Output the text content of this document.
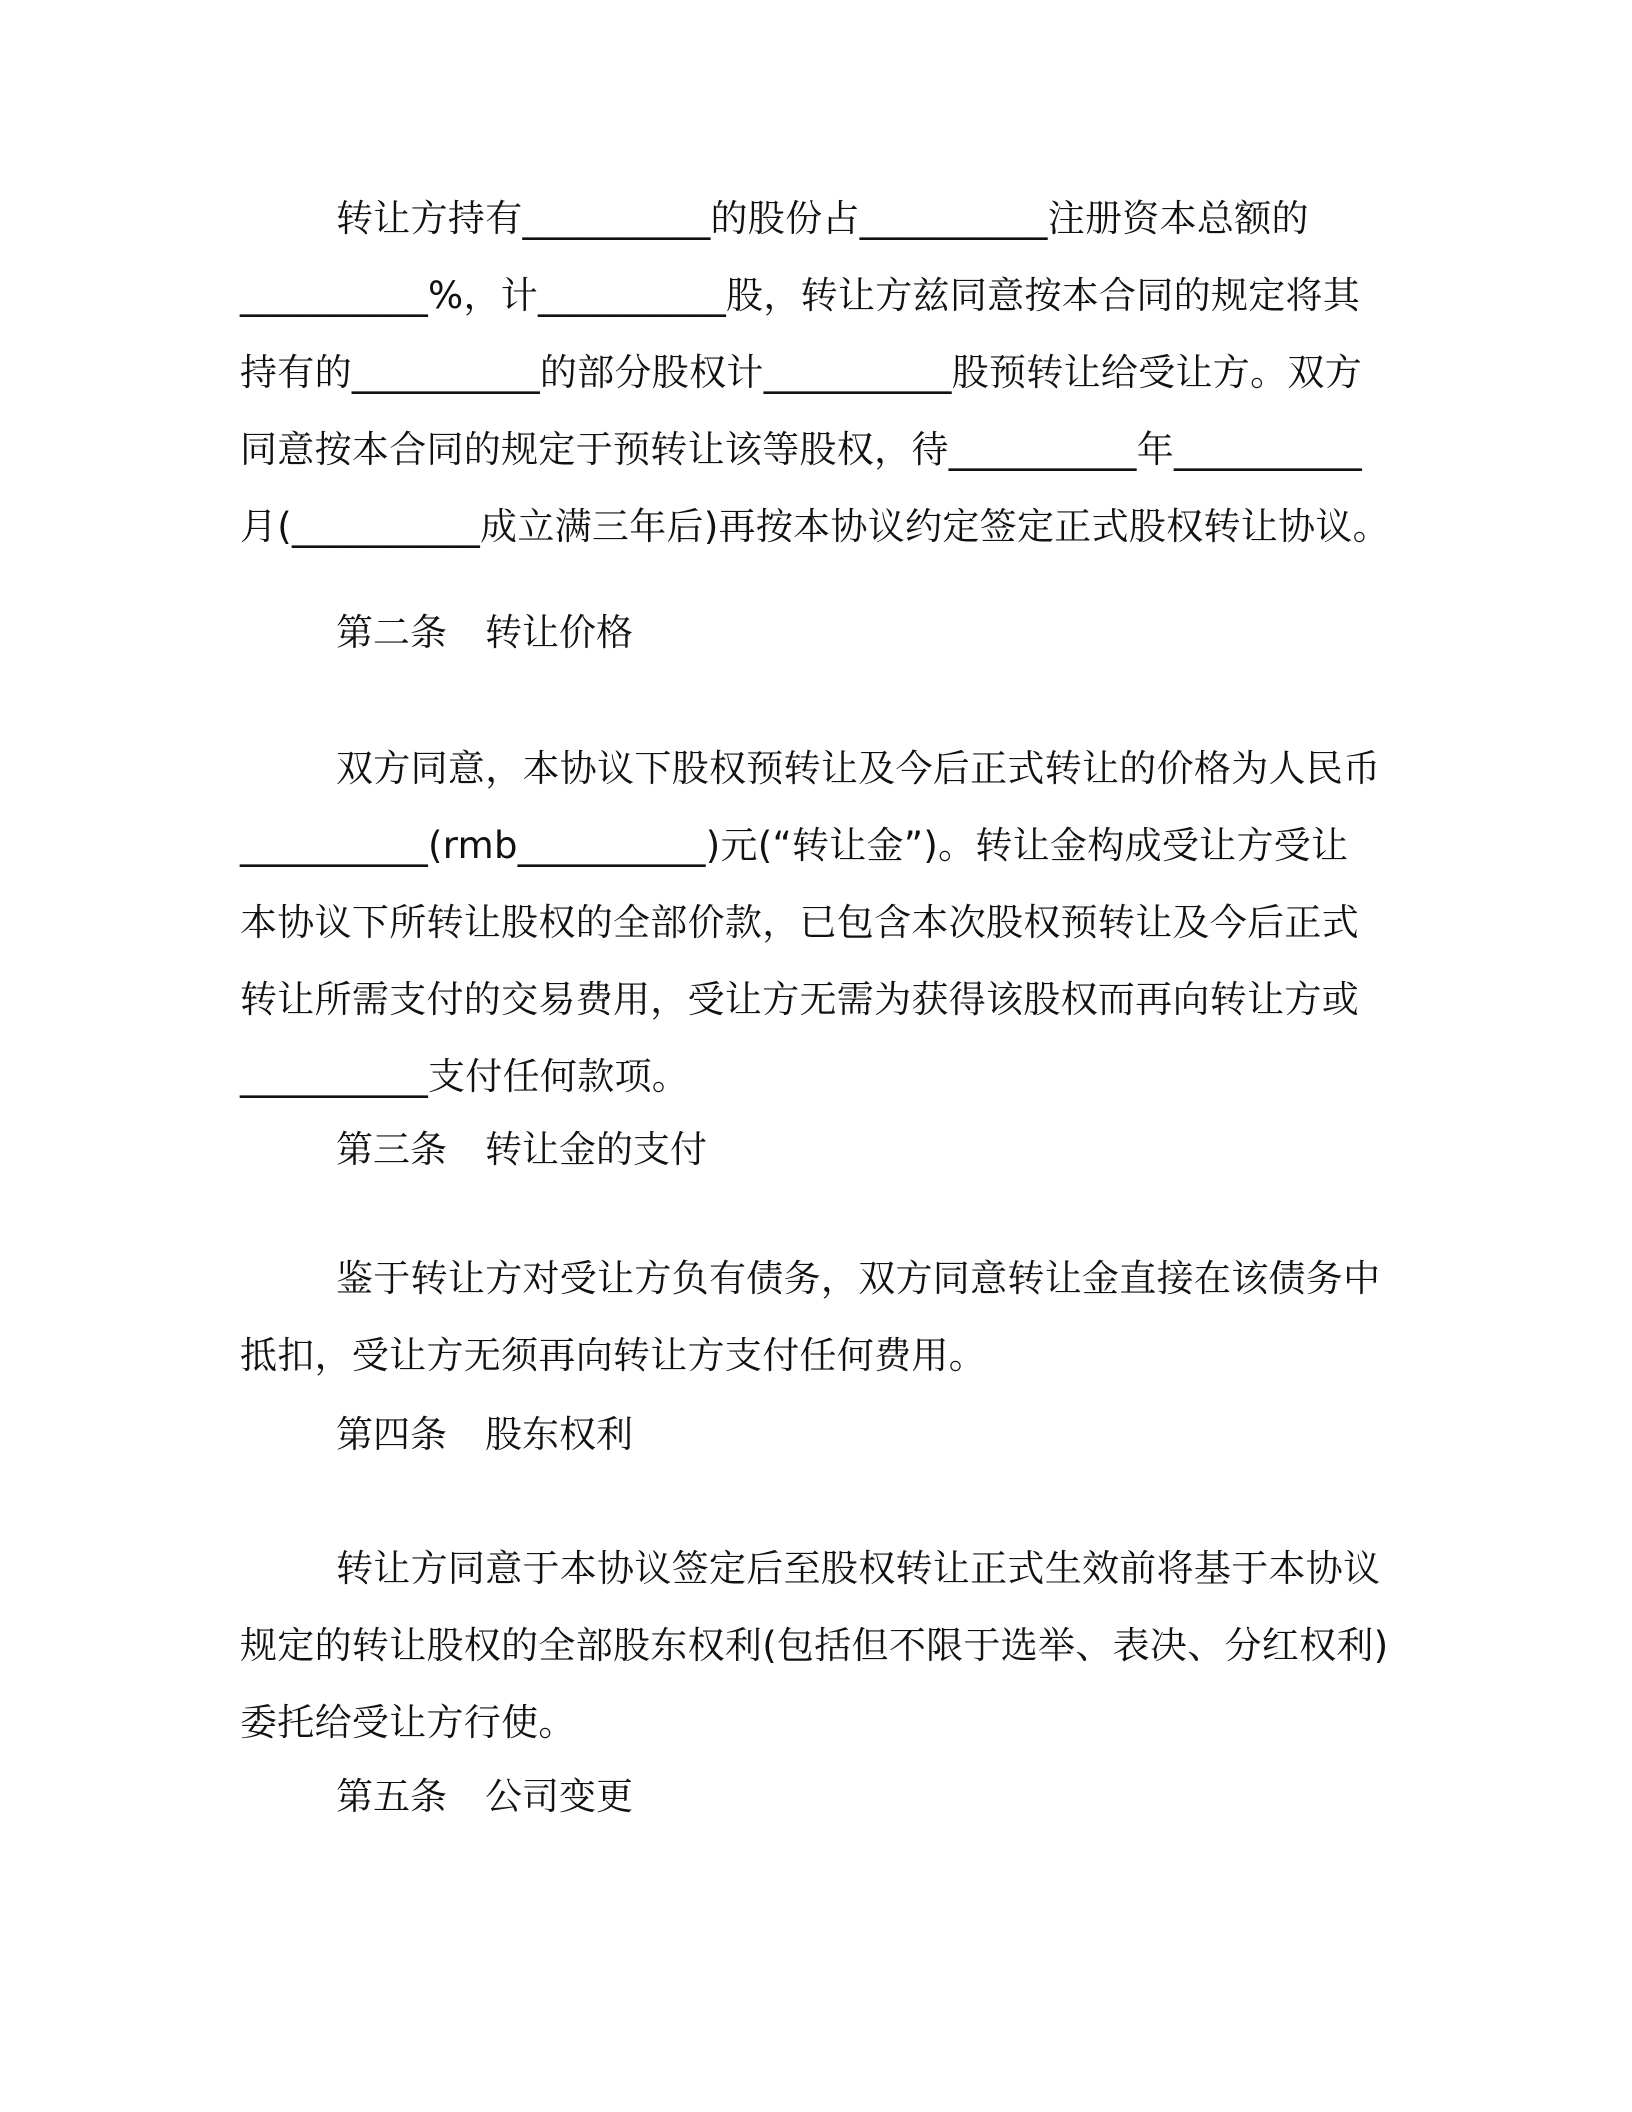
转让方持有__________的股份占__________注册资本总额的
__________%，计__________股，转让方兹同意按本合同的规定将其
持有的__________的部分股权计__________股预转让给受让方。双方
同意按本合同的规定于预转让该等股权，待__________年__________
月(__________成立满三年后)再按本协议约定签定正式股权转让协议。
第二条 转让价格
双方同意，本协议下股权预转让及今后正式转让的价格为人民币
__________(rmb__________)元(“转让金”)。转让金构成受让方受让
本协议下所转让股权的全部价款，已包含本次股权预转让及今后正式
转让所需支付的交易费用，受让方无需为获得该股权而再向转让方或
__________支付任何款项。
第三条 转让金的支付
鉴于转让方对受让方负有债务，双方同意转让金直接在该债务中
抵扣，受让方无须再向转让方支付任何费用。
第四条 股东权利
转让方同意于本协议签定后至股权转让正式生效前将基于本协议
规定的转让股权的全部股东权利(包括但不限于选举、表决、分红权利)
委托给受让方行使。
第五条 公司变更
